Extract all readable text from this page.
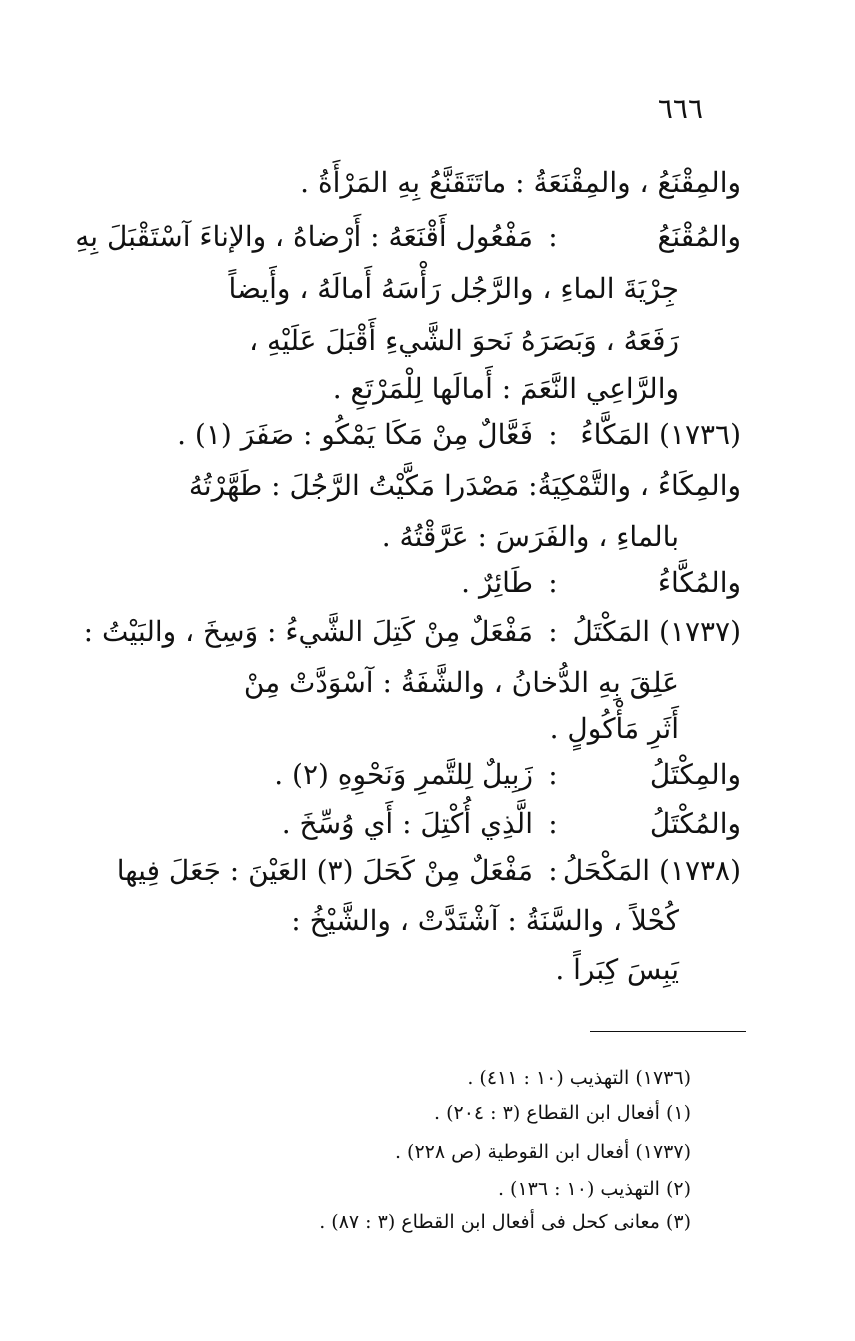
٦٦٦
والمِقْنَعُ ، والمِقْنَعَةُ : ماتَتَقَنَّعُ بِهِ المَرْأَةُ .
والمُقْنَعُ:مَفْعُول أَقْنَعَهُ : أَرْضاهُ ، والإناءَ آسْتَقْبَلَ بِهِ
جِرْيَةَ الماءِ ، والرَّجُل رَأْسَهُ أَمالَهُ ، وأَيضاً
رَفَعَهُ ، وَبَصَرَهُ نَحوَ الشَّيءِ أَقْبَلَ عَلَيْهِ ،
والرَّاعِي النَّعَمَ : أَمالَها لِلْمَرْتَعِ .
(١٧٣٦) المَكَّاءُ:فَعَّالٌ مِنْ مَكَا يَمْكُو : صَفَرَ (١) .
والمِكَاءُ ، والتَّمْكِيَةُ: مَصْدَرا مَكَّيْتُ الرَّجُلَ : طَهَّرْتُهُ
بالماءِ ، والفَرَسَ : عَرَّقْتُهُ .
والمُكَّاءُ:طَائِرٌ .
(١٧٣٧) المَكْتَلُ:مَفْعَلٌ مِنْ كَتِلَ الشَّيءُ : وَسِخَ ، والبَيْتُ :
عَلِقَ بِهِ الدُّخانُ ، والشَّفَةُ : آسْوَدَّتْ مِنْ
أَثَرِ مَأْكُولٍ .
والمِكْتَلُ:زَبِيلٌ لِلتَّمرِ وَنَحْوِهِ (٢) .
والمُكْتَلُ:الَّذِي أُكْتِلَ : أَي وُسِّخَ .
(١٧٣٨) المَكْحَلُ:مَفْعَلٌ مِنْ كَحَلَ (٣) العَيْنَ : جَعَلَ فِيها
كُحْلاً ، والسَّنَةُ : آشْتَدَّتْ ، والشَّيْخُ :
يَبِسَ كِبَراً .
(١٧٣٦) التهذيب (١٠ : ٤١١) .
(١) أفعال ابن القطاع (٣ : ٢٠٤) .
(١٧٣٧) أفعال ابن القوطية (ص ٢٢٨) .
(٢) التهذيب (١٠ : ١٣٦) .
(٣) معانى كحل فى أفعال ابن القطاع (٣ : ٨٧) .
